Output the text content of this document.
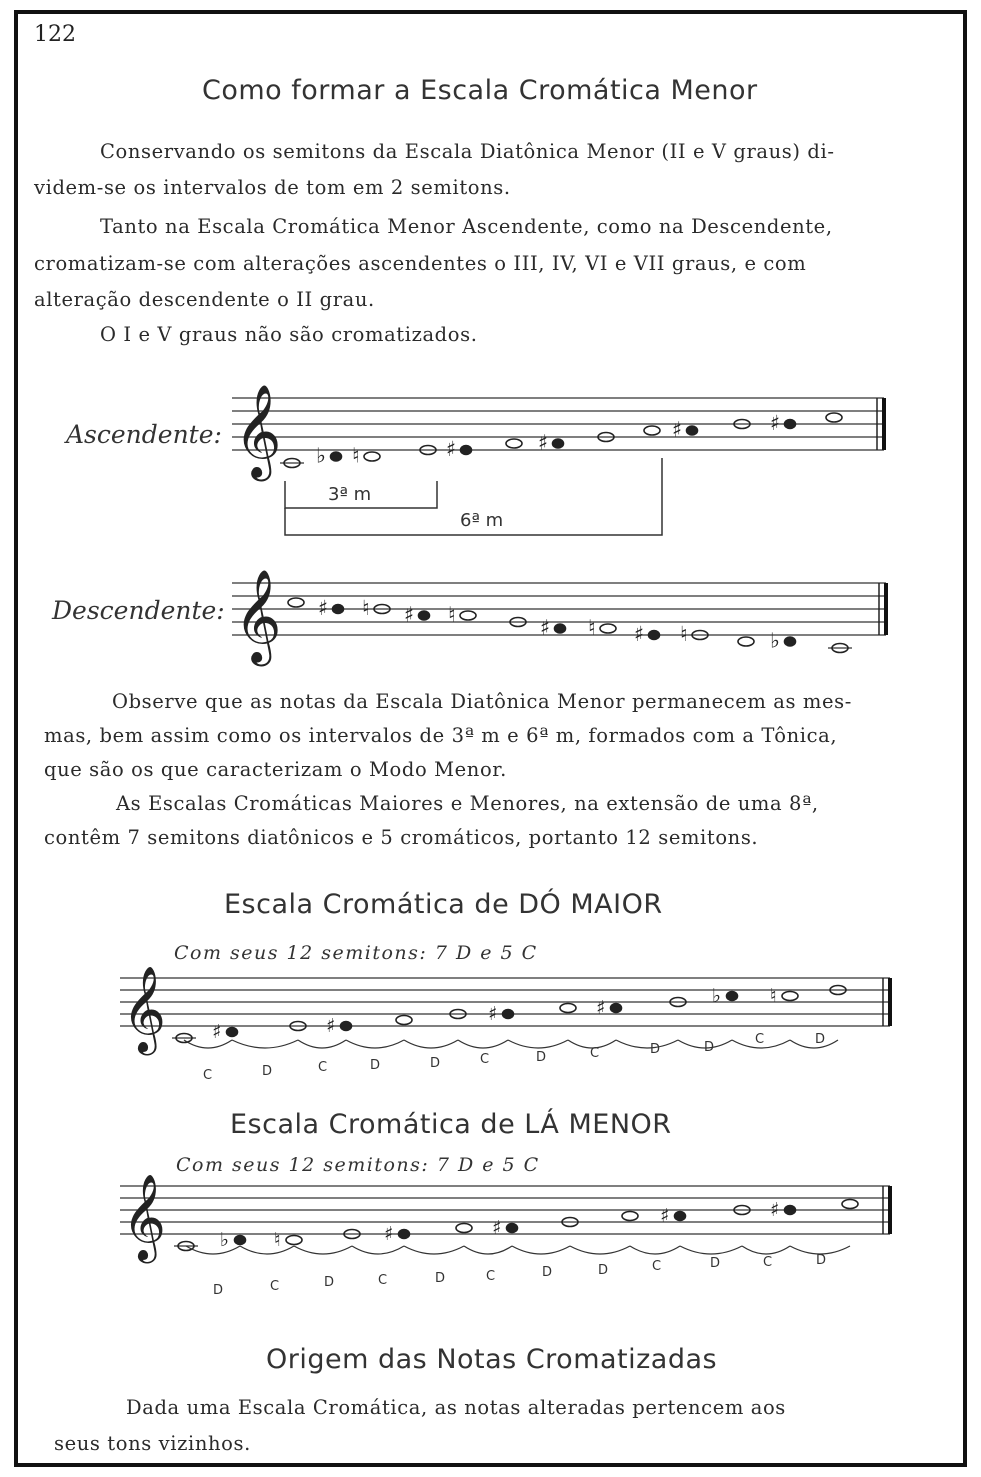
122
Como formar a Escala Cromática Menor
Conservando os semitons da Escala Diatônica Menor (II e V graus) di-
videm-se os intervalos de tom em 2 semitons.
Tanto na Escala Cromática Menor Ascendente, como na Descendente,
cromatizam-se com alterações ascendentes o III, IV, VI e VII graus, e com
alteração descendente o II grau.
O I e V graus não são cromatizados.
Ascendente:
Descendente:
Observe que as notas da Escala Diatônica Menor permanecem as mes-
mas, bem assim como os intervalos de 3ª m e 6ª m, formados com a Tônica,
que são os que caracterizam o Modo Menor.
As Escalas Cromáticas Maiores e Menores, na extensão de uma 8ª,
contêm 7 semitons diatônicos e 5 cromáticos, portanto 12 semitons.
Escala Cromática de DÓ MAIOR
Com seus 12 semitons: 7 D e 5 C
Escala Cromática de LÁ MENOR
Com seus 12 semitons: 7 D e 5 C
Origem das Notas Cromatizadas
Dada uma Escala Cromática, as notas alteradas pertencem aos
seus tons vizinhos.
𝄞 ♭ ♮	♯	♯
♯	♯
𝄞 ♯ ♮ ♯ ♮
♯ ♮ ♯ ♮	♭
𝄞 ♯	♯
♯	♯
♭	♮
𝄞	♭ ♮	♯	♯
♯	♯
3ª m
6ª m
C	D	C	D	D	C	D	C	D	D
C	D
D	C	D	C	D	C	D	D	C	D	C	D
